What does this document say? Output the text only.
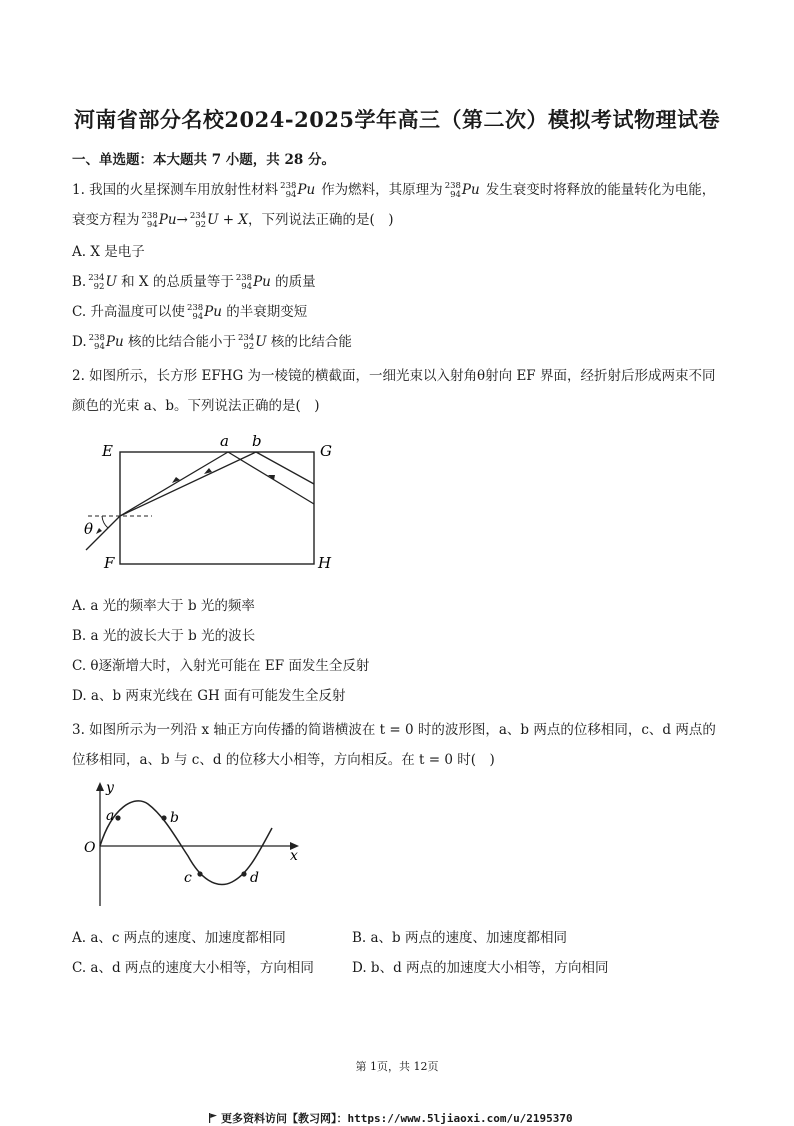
河南省部分名校2024-2025学年高三（第二次）模拟考试物理试卷
一、单选题：本大题共 7 小题，共 28 分。
1. 我国的火星探测车用放射性材料 238
94 Pu 作为燃料，其原理为 238
94 Pu 发生衰变时将释放的能量转化为电能，
衰变方程为 238
94 Pu→ 234
92 U + X，下列说法正确的是(　)
A. X 是电子
B. 234
92 U 和 X 的总质量等于 238
94 Pu 的质量
C. 升高温度可以使 238
94 Pu 的半衰期变短
D. 238
94 Pu 核的比结合能小于 234
92 U 核的比结合能
2. 如图所示，长方形 EFHG 为一棱镜的横截面，一细光束以入射角θ射向 EF 界面，经折射后形成两束不同
颜色的光束 a、b。下列说法正确的是(　)
E	G
F	H
a b
θ
A. a 光的频率大于 b 光的频率
B. a 光的波长大于 b 光的波长
C. θ逐渐增大时，入射光可能在 EF 面发生全反射
D. a、b 两束光线在 GH 面有可能发生全反射
3. 如图所示为一列沿 x 轴正方向传播的简谐横波在 t = 0 时的波形图，a、b 两点的位移相同，c、d 两点的
位移相同，a、b 与 c、d 的位移大小相等，方向相反。在 t = 0 时(　)
y
x
O
a	b
c	d
A. a、c 两点的速度、加速度都相同	B. a、b 两点的速度、加速度都相同
C. a、d 两点的速度大小相等，方向相同	D. b、d 两点的加速度大小相等，方向相同
第 1页，共 12页
更多资料访问【教习网】：https://www.5ljiaoxi.com/u/2195370
